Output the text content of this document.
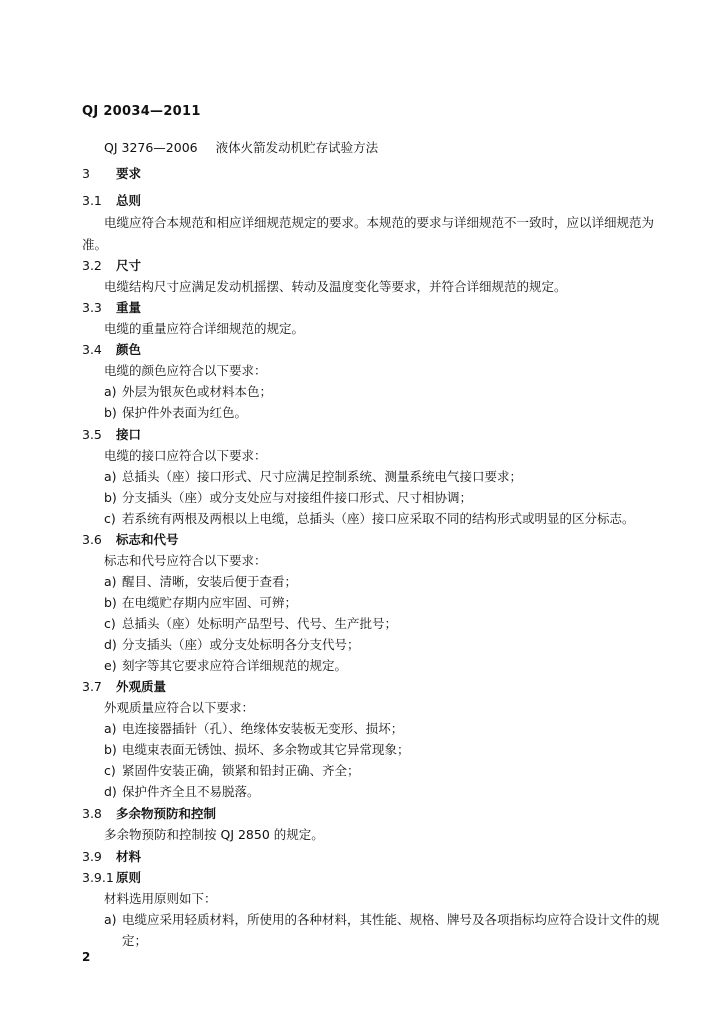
QJ 20034—2011
QJ 3276—2006 液体火箭发动机贮存试验方法
3 要求
3.1 总则
电缆应符合本规范和相应详细规范规定的要求。本规范的要求与详细规范不一致时，应以详细规范为
准。
3.2 尺寸
电缆结构尺寸应满足发动机摇摆、转动及温度变化等要求，并符合详细规范的规定。
3.3 重量
电缆的重量应符合详细规范的规定。
3.4 颜色
电缆的颜色应符合以下要求：
a) 外层为银灰色或材料本色；
b) 保护件外表面为红色。
3.5 接口
电缆的接口应符合以下要求：
a) 总插头（座）接口形式、尺寸应满足控制系统、测量系统电气接口要求；
b) 分支插头（座）或分支处应与对接组件接口形式、尺寸相协调；
c) 若系统有两根及两根以上电缆，总插头（座）接口应采取不同的结构形式或明显的区分标志。
3.6 标志和代号
标志和代号应符合以下要求：
a) 醒目、清晰，安装后便于查看；
b) 在电缆贮存期内应牢固、可辨；
c) 总插头（座）处标明产品型号、代号、生产批号；
d) 分支插头（座）或分支处标明各分支代号；
e) 刻字等其它要求应符合详细规范的规定。
3.7 外观质量
外观质量应符合以下要求：
a) 电连接器插针（孔）、绝缘体安装板无变形、损坏；
b) 电缆束表面无锈蚀、损坏、多余物或其它异常现象；
c) 紧固件安装正确，锁紧和铅封正确、齐全；
d) 保护件齐全且不易脱落。
3.8 多余物预防和控制
多余物预防和控制按 QJ 2850 的规定。
3.9 材料
3.9.1 原则
材料选用原则如下：
a) 电缆应采用轻质材料，所使用的各种材料，其性能、规格、牌号及各项指标均应符合设计文件的规
定；
2
